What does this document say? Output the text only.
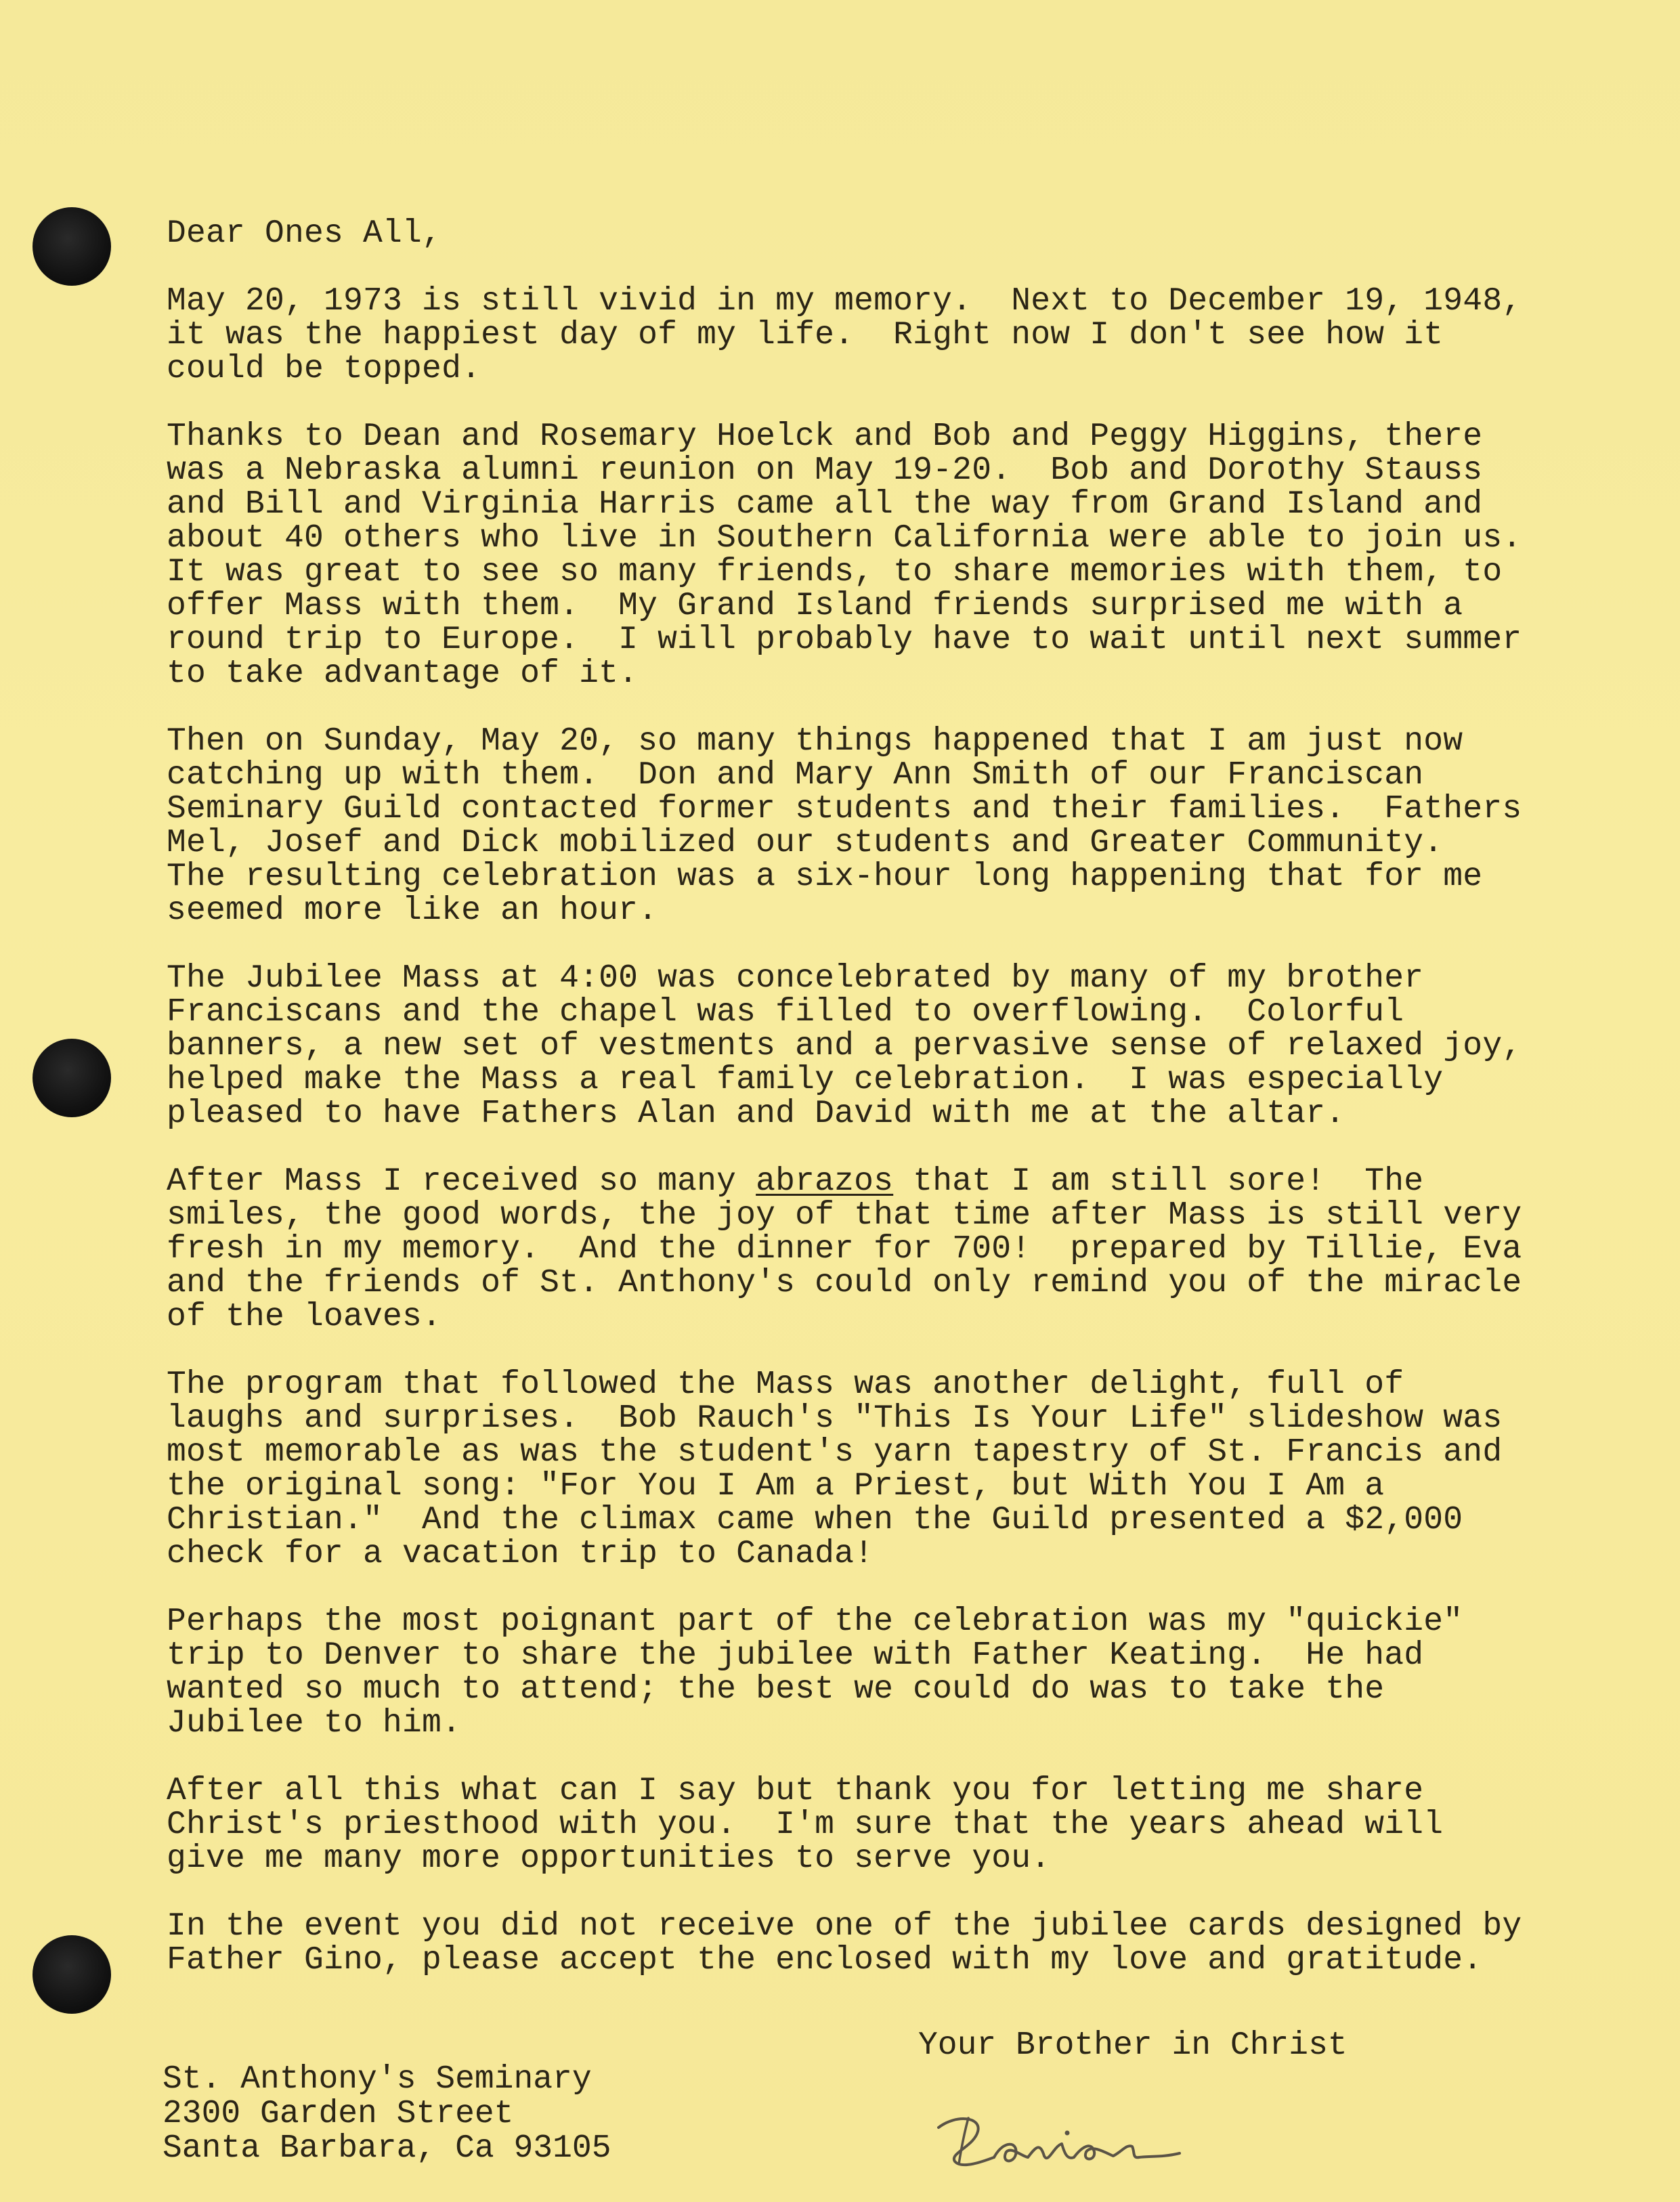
Dear Ones All,
May 20, 1973 is still vivid in my memory.  Next to December 19, 1948,
it was the happiest day of my life.  Right now I don't see how it
could be topped.
Thanks to Dean and Rosemary Hoelck and Bob and Peggy Higgins, there
was a Nebraska alumni reunion on May 19-20.  Bob and Dorothy Stauss
and Bill and Virginia Harris came all the way from Grand Island and
about 40 others who live in Southern California were able to join us.
It was great to see so many friends, to share memories with them, to
offer Mass with them.  My Grand Island friends surprised me with a
round trip to Europe.  I will probably have to wait until next summer
to take advantage of it.
Then on Sunday, May 20, so many things happened that I am just now
catching up with them.  Don and Mary Ann Smith of our Franciscan
Seminary Guild contacted former students and their families.  Fathers
Mel, Josef and Dick mobilized our students and Greater Community.
The resulting celebration was a six-hour long happening that for me
seemed more like an hour.
The Jubilee Mass at 4:00 was concelebrated by many of my brother
Franciscans and the chapel was filled to overflowing.  Colorful
banners, a new set of vestments and a pervasive sense of relaxed joy,
helped make the Mass a real family celebration.  I was especially
pleased to have Fathers Alan and David with me at the altar.
After Mass I received so many abrazos that I am still sore!  The
smiles, the good words, the joy of that time after Mass is still very
fresh in my memory.  And the dinner for 700!  prepared by Tillie, Eva
and the friends of St. Anthony's could only remind you of the miracle
of the loaves.
The program that followed the Mass was another delight, full of
laughs and surprises.  Bob Rauch's "This Is Your Life" slideshow was
most memorable as was the student's yarn tapestry of St. Francis and
the original song: "For You I Am a Priest, but With You I Am a
Christian."  And the climax came when the Guild presented a $2,000
check for a vacation trip to Canada!
Perhaps the most poignant part of the celebration was my "quickie"
trip to Denver to share the jubilee with Father Keating.  He had
wanted so much to attend; the best we could do was to take the
Jubilee to him.
After all this what can I say but thank you for letting me share
Christ's priesthood with you.  I'm sure that the years ahead will
give me many more opportunities to serve you.
In the event you did not receive one of the jubilee cards designed by
Father Gino, please accept the enclosed with my love and gratitude.
Your Brother in Christ
St. Anthony's Seminary
2300 Garden Street
Santa Barbara, Ca 93105
